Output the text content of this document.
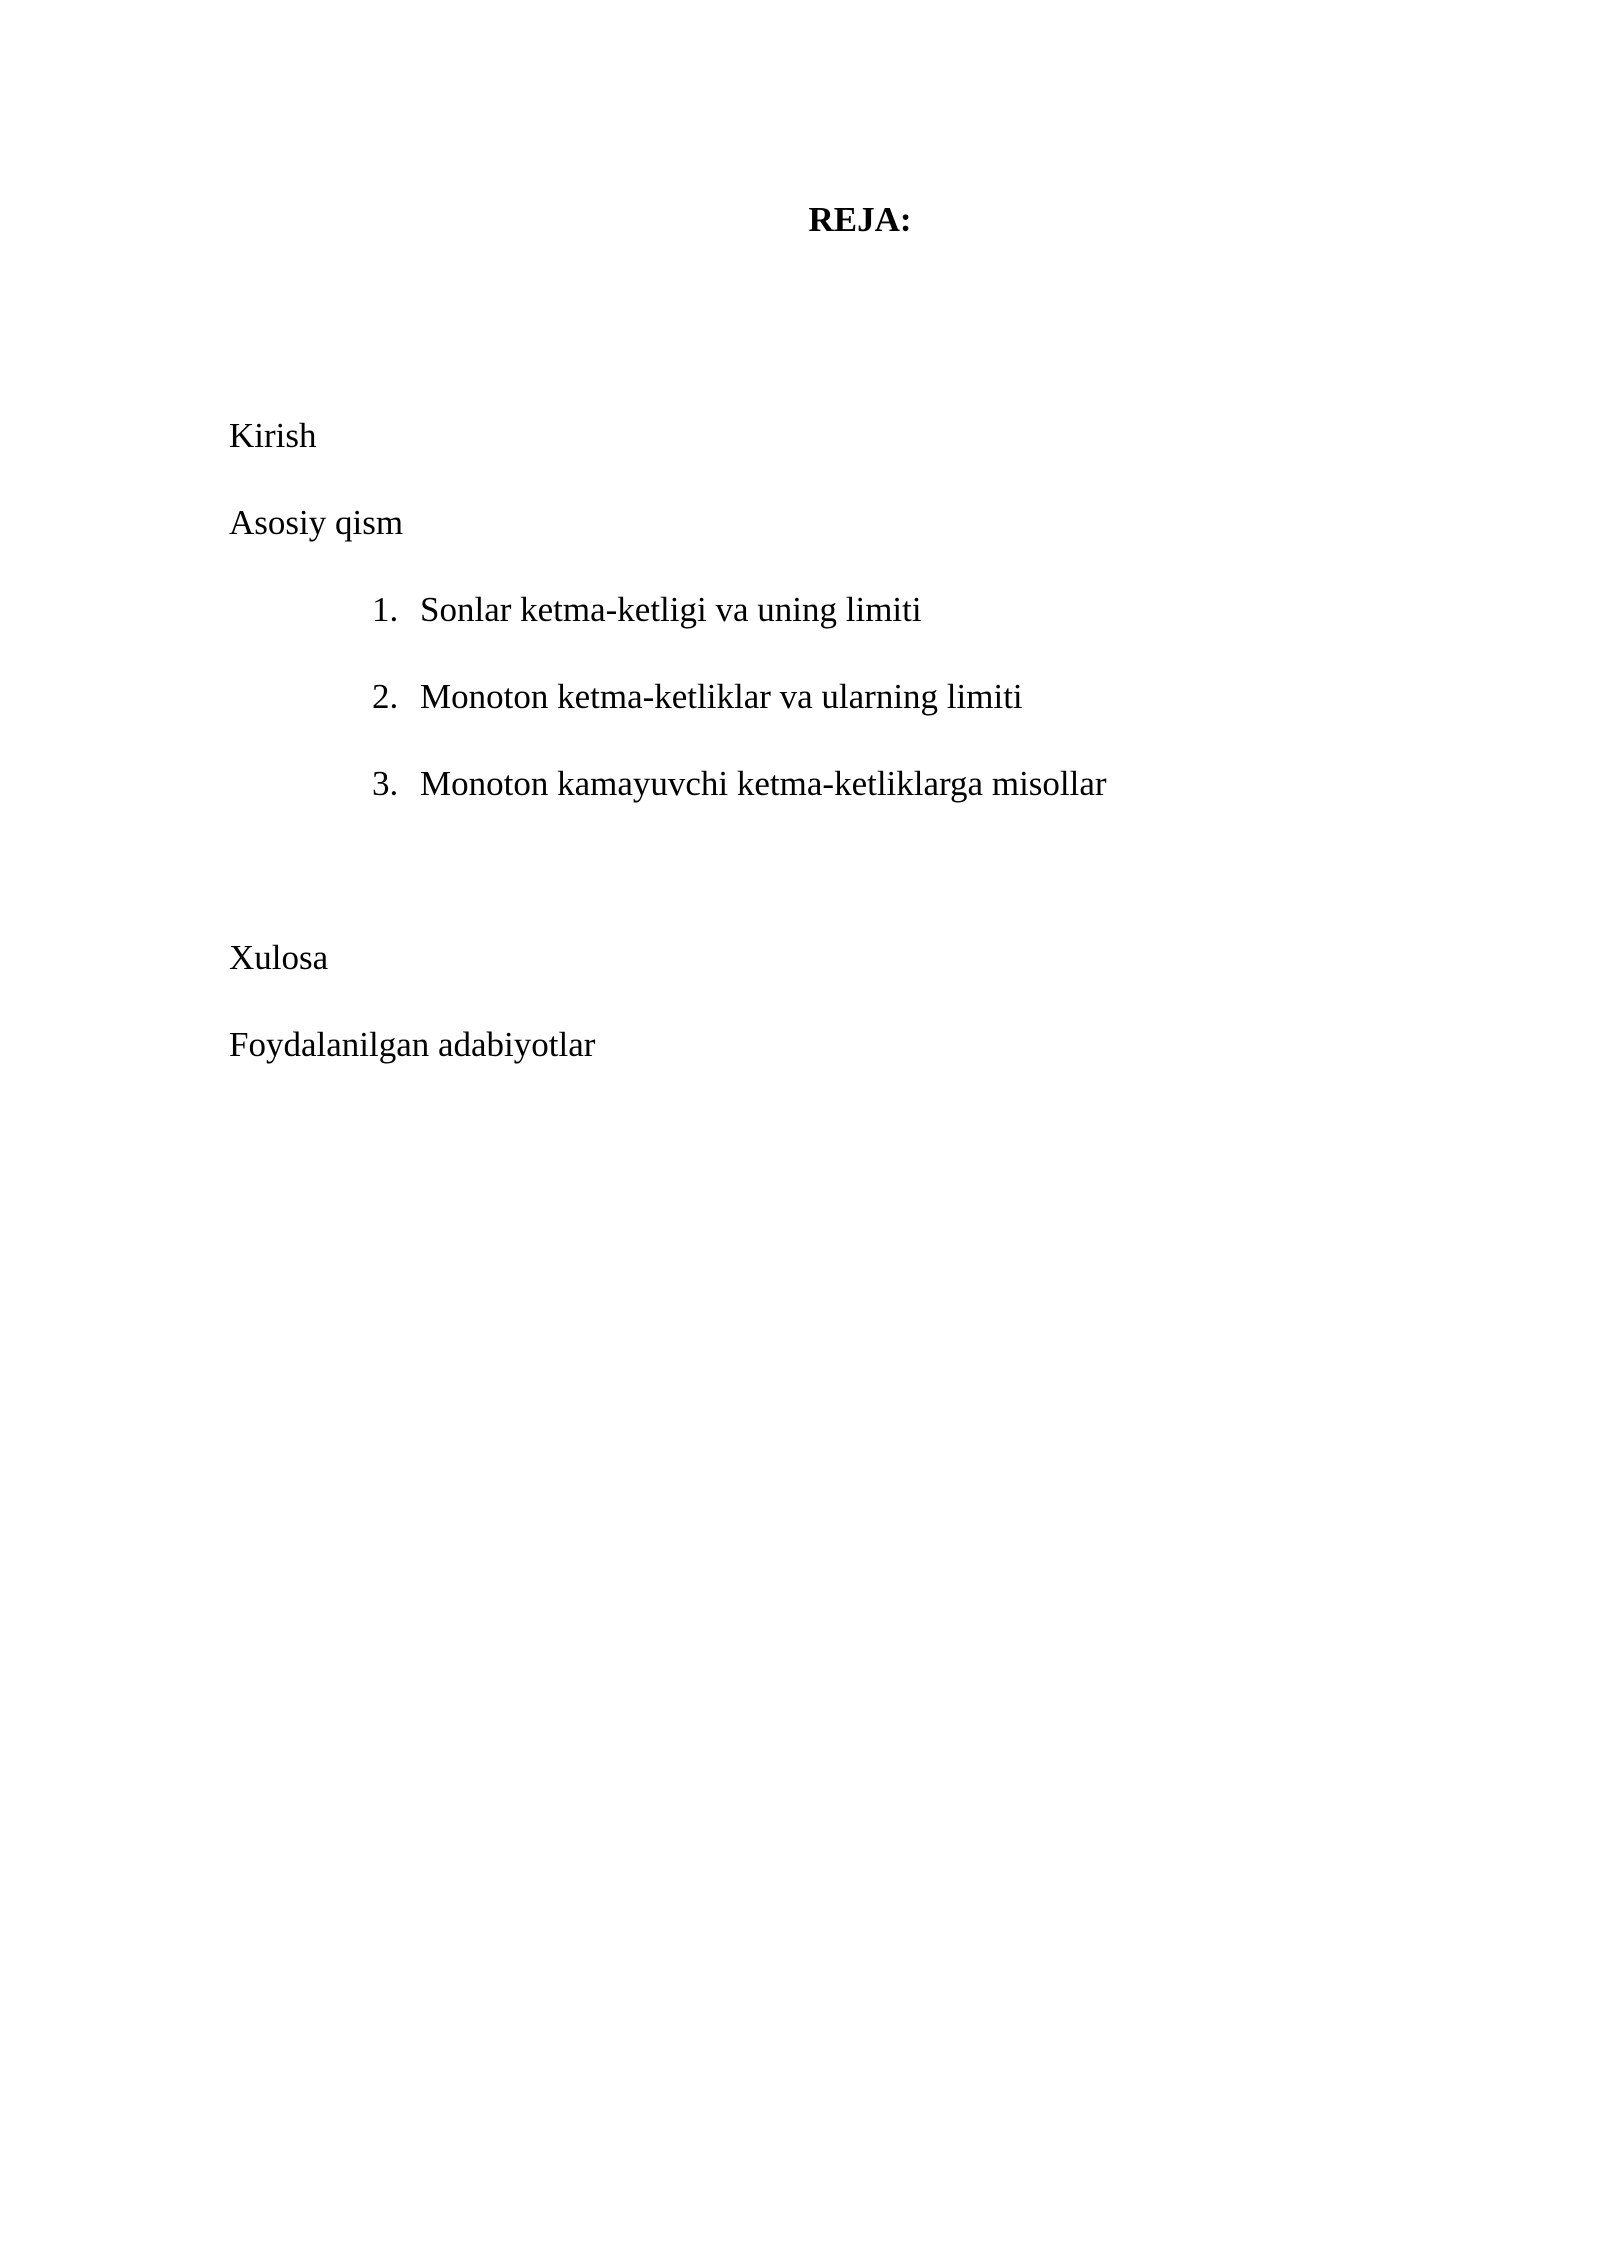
REJA:
Kirish
Asosiy qism
1. Sonlar ketma-ketligi va uning limiti
2. Monoton ketma-ketliklar va ularning limiti
3. Monoton kamayuvchi ketma-ketliklarga misollar
Xulosa
Foydalanilgan adabiyotlar
